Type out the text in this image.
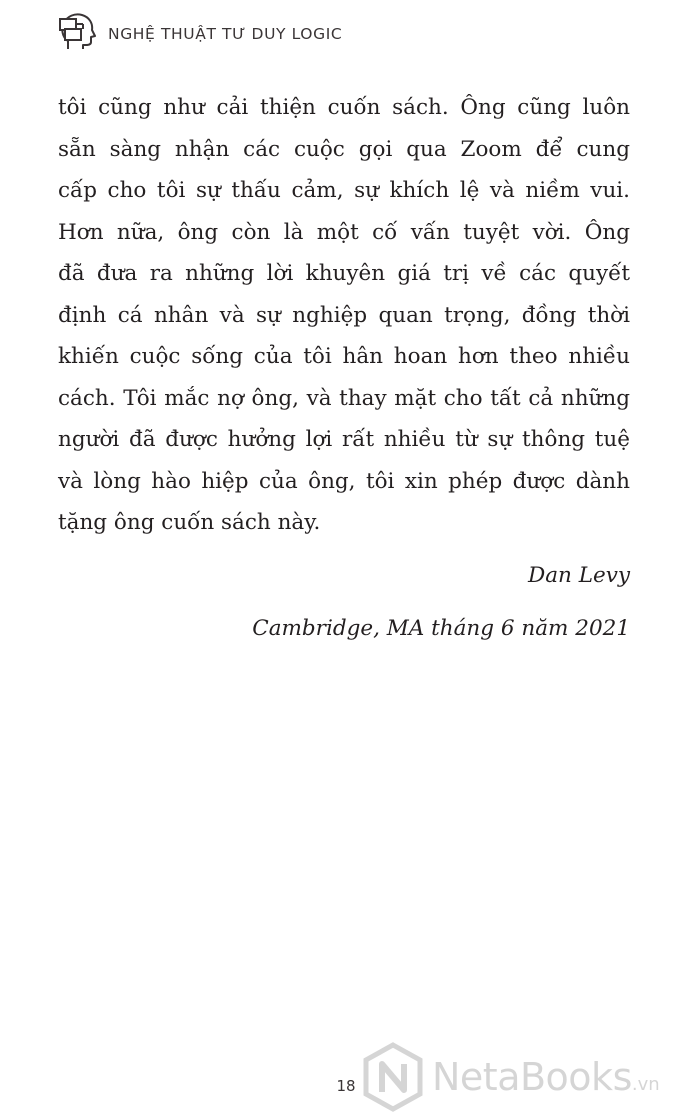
NGHỆ THUẬT TƯ DUY LOGIC
tôi cũng như cải thiện cuốn sách. Ông cũng luôn
sẵn sàng nhận các cuộc gọi qua Zoom để cung
cấp cho tôi sự thấu cảm, sự khích lệ và niềm vui.
Hơn nữa, ông còn là một cố vấn tuyệt vời. Ông
đã đưa ra những lời khuyên giá trị về các quyết
định cá nhân và sự nghiệp quan trọng, đồng thời
khiến cuộc sống của tôi hân hoan hơn theo nhiều
cách. Tôi mắc nợ ông, và thay mặt cho tất cả những
người đã được hưởng lợi rất nhiều từ sự thông tuệ
và lòng hào hiệp của ông, tôi xin phép được dành
tặng ông cuốn sách này.
Dan Levy
Cambridge, MA tháng 6 năm 2021
18 NetaBooks.vn
